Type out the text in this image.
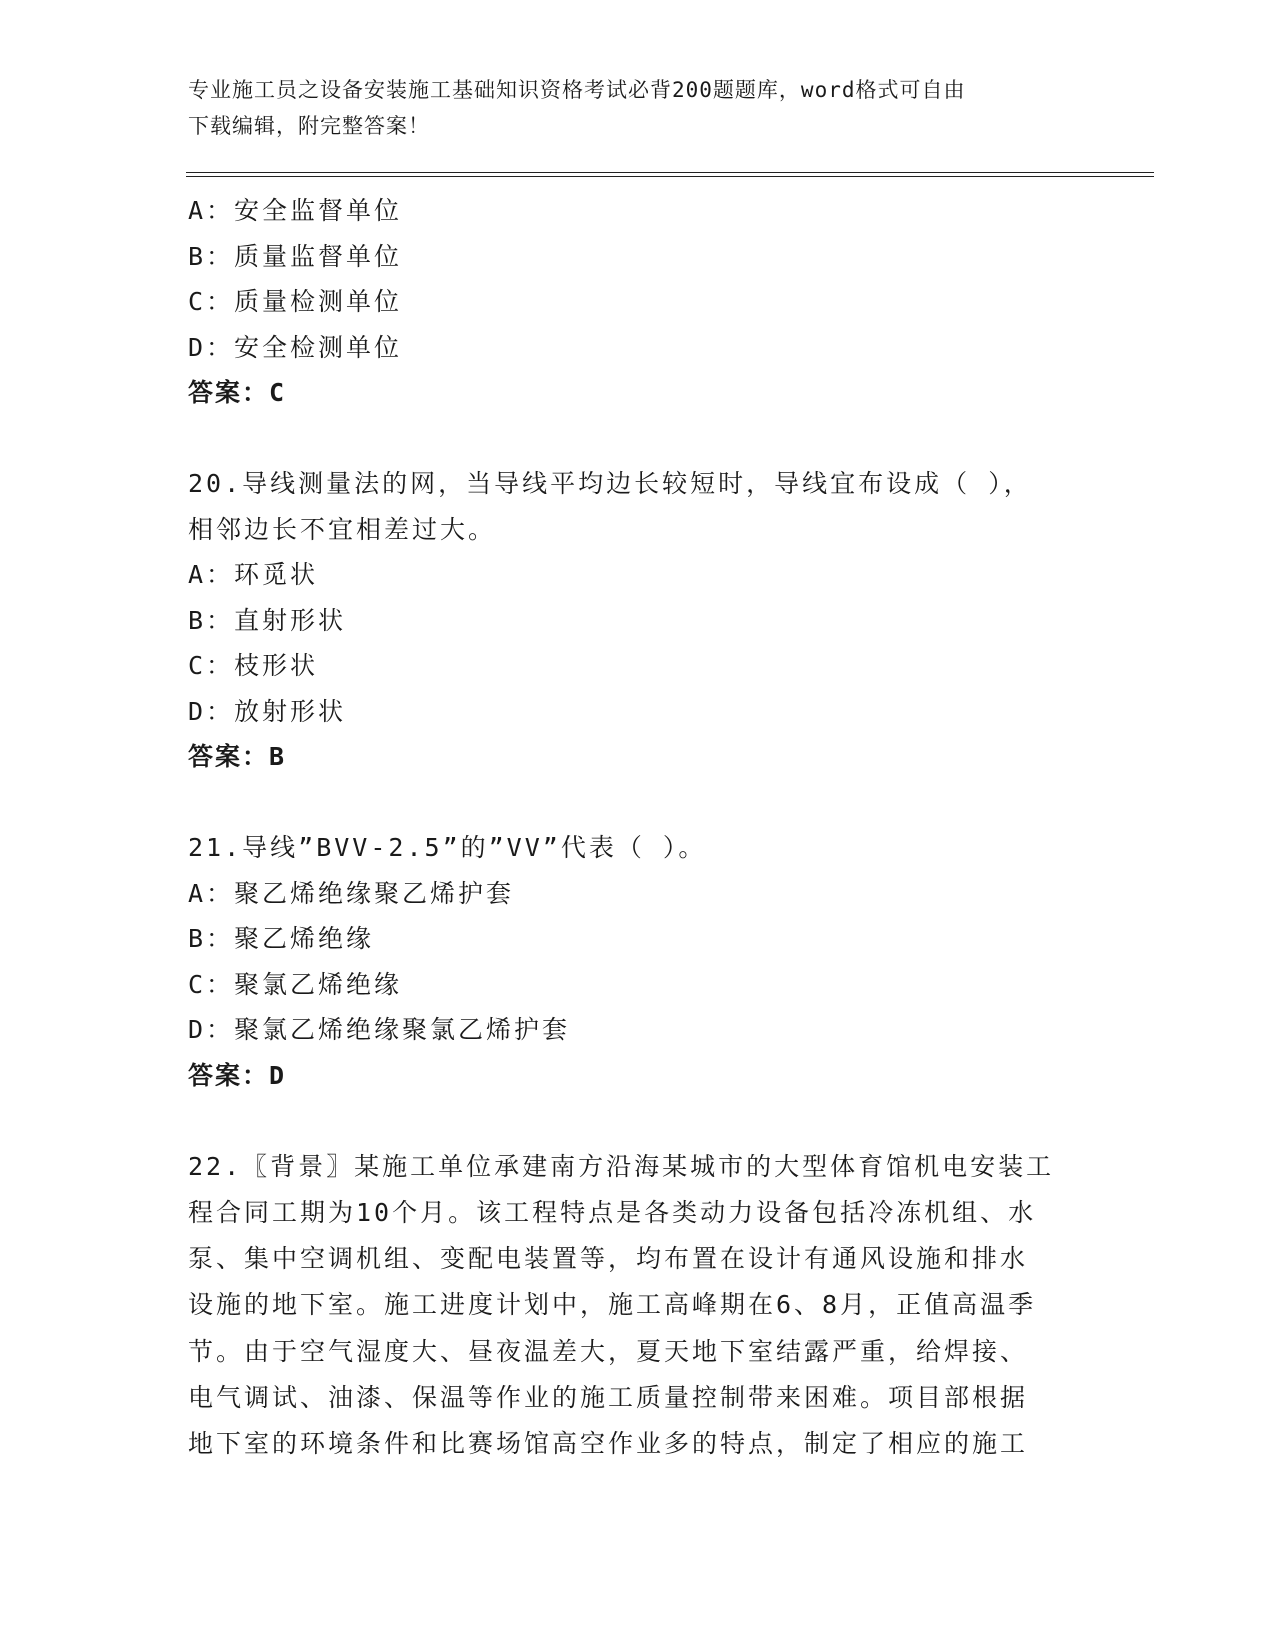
专业施工员之设备安装施工基础知识资格考试必背200题题库，word格式可自由
下载编辑，附完整答案！
A：安全监督单位
B：质量监督单位
C：质量检测单位
D：安全检测单位
答案：C
20.导线测量法的网，当导线平均边长较短时，导线宜布设成（ ），
相邻边长不宜相差过大。
A：环觅状
B：直射形状
C：枝形状
D：放射形状
答案：B
21.导线”BVV-2.5”的”VV”代表（ ）。
A：聚乙烯绝缘聚乙烯护套
B：聚乙烯绝缘
C：聚氯乙烯绝缘
D：聚氯乙烯绝缘聚氯乙烯护套
答案：D
22.〖背景〗某施工单位承建南方沿海某城市的大型体育馆机电安装工
程合同工期为10个月。该工程特点是各类动力设备包括冷冻机组、水
泵、集中空调机组、变配电装置等，均布置在设计有通风设施和排水
设施的地下室。施工进度计划中，施工高峰期在6、8月，正值高温季
节。由于空气湿度大、昼夜温差大，夏天地下室结露严重，给焊接、
电气调试、油漆、保温等作业的施工质量控制带来困难。项目部根据
地下室的环境条件和比赛场馆高空作业多的特点，制定了相应的施工
